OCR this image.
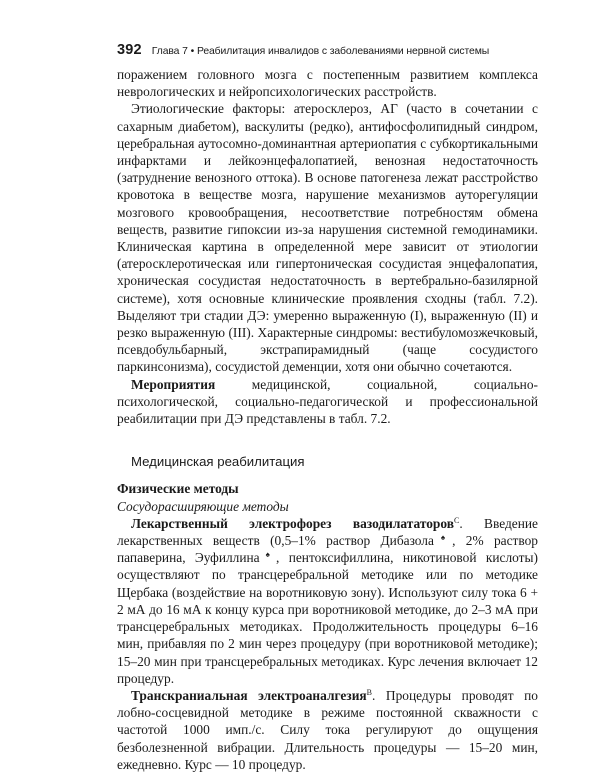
392 Глава 7 • Реабилитация инвалидов с заболеваниями нервной системы

поражением головного мозга с постепенным развитием комплекса неврологических и нейропсихологических расстройств.

Этиологические факторы: атеросклероз, АГ (часто в сочетании с сахарным диабетом), васкулиты (редко), антифосфолипидный синдром, церебральная аутосомно-доминантная артериопатия с субкортикальными инфарктами и лейкоэнцефалопатией, венозная недостаточность (затруднение венозного оттока). В основе патогенеза лежат расстройство кровотока в веществе мозга, нарушение механизмов ауторегуляции мозгового кровообращения, несоответствие потребностям обмена веществ, развитие гипоксии из-за нарушения системной гемодинамики. Клиническая картина в определенной мере зависит от этиологии (атеросклеротическая или гипертоническая сосудистая энцефалопатия, хроническая сосудистая недостаточность в вертебрально-базилярной системе), хотя основные клинические проявления сходны (табл. 7.2). Выделяют три стадии ДЭ: умеренно выраженную (I), выраженную (II) и резко выраженную (III). Характерные синдромы: вестибуломозжечковый, псевдобульбарный, экстрапирамидный (чаще сосудистого паркинсонизма), сосудистой деменции, хотя они обычно сочетаются.

Мероприятия медицинской, социальной, социально-психологической, социально-педагогической и профессиональной реабилитации при ДЭ представлены в табл. 7.2.

Медицинская реабилитация

Физические методы

Сосудорасширяющие методы

Лекарственный электрофорез вазодилататоров$^С$. Введение лекарственных веществ (0,5–1% раствор Дибазола♠, 2% раствор папаверина, Эуфиллина♠, пентоксифиллина, никотиновой кислоты) осуществляют по трансцеребральной методике или по методике Щербака (воздействие на воротниковую зону). Используют силу тока 6 + 2 мА до 16 мА к концу курса при воротниковой методике, до 2–3 мА при трансцеребральных методиках. Продолжительность процедуры 6–16 мин, прибавляя по 2 мин через процедуру (при воротниковой методике); 15–20 мин при трансцеребральных методиках. Курс лечения включает 12 процедур.

Транскраниальная электроаналгезия$^В$. Процедуры проводят по лобно-сосцевидной методике в режиме постоянной скважности с частотой 1000 имп./с. Силу тока регулируют до ощущения безболезненной вибрации. Длительность процедуры — 15–20 мин, ежедневно. Курс — 10 процедур.
